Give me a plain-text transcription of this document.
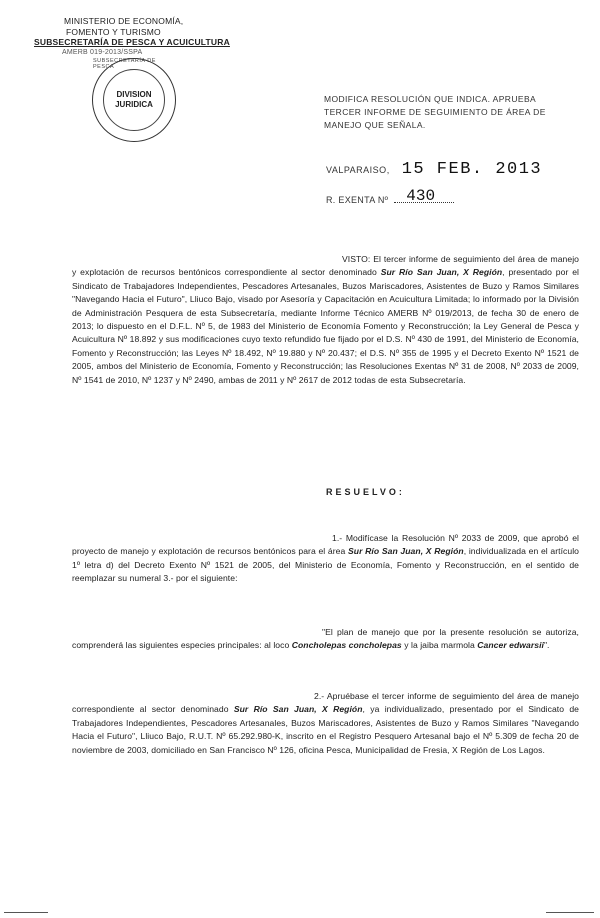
MINISTERIO DE ECONOMÍA,
FOMENTO Y TURISMO
SUBSECRETARÍA DE PESCA Y ACUICULTURA
AMERB 019-2013/SSPA
SUBSECRETARÍA DE PESCA
DIVISION
JURIDICA
MODIFICA RESOLUCIÓN QUE INDICA. APRUEBA
TERCER INFORME DE SEGUIMIENTO DE ÁREA DE
MANEJO QUE SEÑALA.
VALPARAISO, 15 FEB. 2013
R. EXENTA Nº 430
VISTO: El tercer informe de seguimiento del área de manejo y explotación de recursos bentónicos correspondiente al sector denominado Sur Río San Juan, X Región, presentado por el Sindicato de Trabajadores Independientes, Pescadores Artesanales, Buzos Mariscadores, Asistentes de Buzo y Ramos Similares "Navegando Hacia el Futuro", Lliuco Bajo, visado por Asesoría y Capacitación en Acuicultura Limitada; lo informado por la División de Administración Pesquera de esta Subsecretaría, mediante Informe Técnico AMERB Nº 019/2013, de fecha 30 de enero de 2013; lo dispuesto en el D.F.L. Nº 5, de 1983 del Ministerio de Economía Fomento y Reconstrucción; la Ley General de Pesca y Acuicultura Nº 18.892 y sus modificaciones cuyo texto refundido fue fijado por el D.S. Nº 430 de 1991, del Ministerio de Economía, Fomento y Reconstrucción; las Leyes Nº 18.492, Nº 19.880 y Nº 20.437; el D.S. Nº 355 de 1995 y el Decreto Exento Nº 1521 de 2005, ambos del Ministerio de Economía, Fomento y Reconstrucción; las Resoluciones Exentas Nº 31 de 2008, Nº 2033 de 2009, Nº 1541 de 2010, Nº 1237 y Nº 2490, ambas de 2011 y Nº 2617 de 2012 todas de esta Subsecretaría.
RESUELVO:
1.- Modifícase la Resolución Nº 2033 de 2009, que aprobó el proyecto de manejo y explotación de recursos bentónicos para el área Sur Río San Juan, X Región, individualizada en el artículo 1º letra d) del Decreto Exento Nº 1521 de 2005, del Ministerio de Economía, Fomento y Reconstrucción, en el sentido de reemplazar su numeral 3.- por el siguiente:
"El plan de manejo que por la presente resolución se autoriza, comprenderá las siguientes especies principales: al loco Concholepas concholepas y la jaiba marmola Cancer edwarsii".
2.- Apruébase el tercer informe de seguimiento del área de manejo correspondiente al sector denominado Sur Río San Juan, X Región, ya individualizado, presentado por el Sindicato de Trabajadores Independientes, Pescadores Artesanales, Buzos Mariscadores, Asistentes de Buzo y Ramos Similares "Navegando Hacia el Futuro", Lliuco Bajo, R.U.T. Nº 65.292.980-K, inscrito en el Registro Pesquero Artesanal bajo el Nº 5.309 de fecha 20 de noviembre de 2003, domiciliado en San Francisco Nº 126, oficina Pesca, Municipalidad de Fresia, X Región de Los Lagos.
